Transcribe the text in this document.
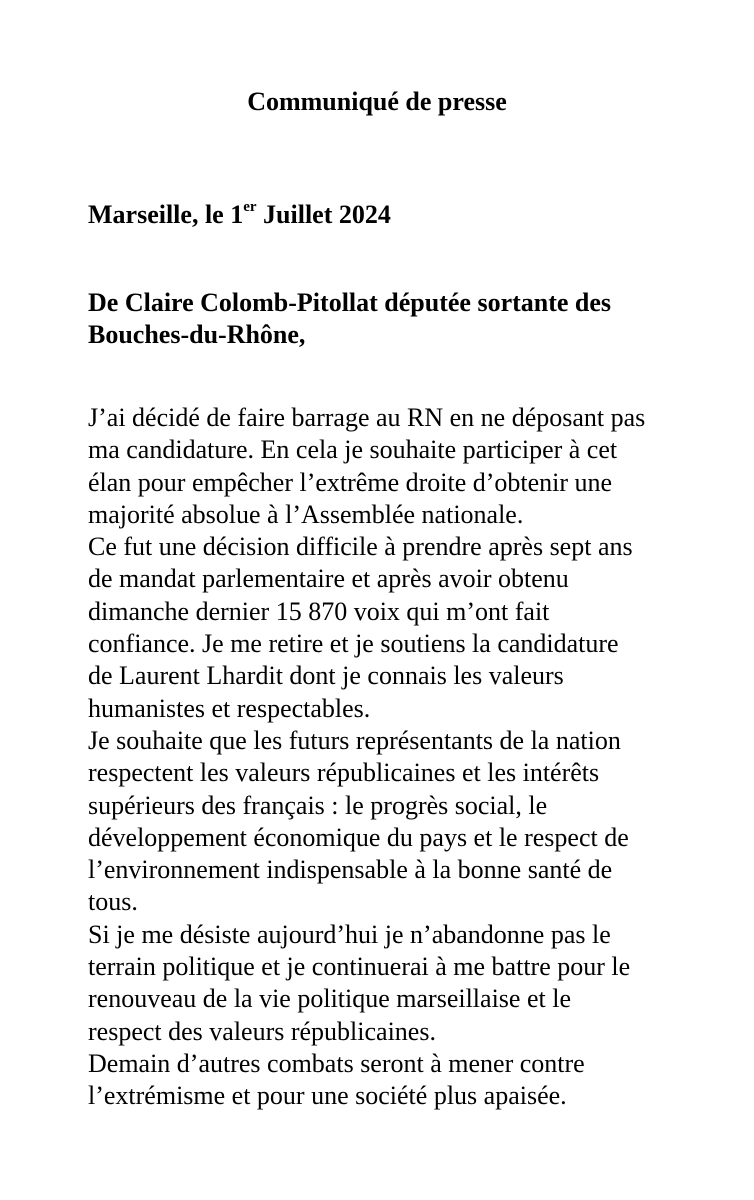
Communiqué de presse
Marseille, le 1er Juillet 2024
De Claire Colomb-Pitollat députée sortante des
Bouches-du-Rhône,
J’ai décidé de faire barrage au RN en ne déposant pas
ma candidature. En cela je souhaite participer à cet
élan pour empêcher l’extrême droite d’obtenir une
majorité absolue à l’Assemblée nationale.
Ce fut une décision difficile à prendre après sept ans
de mandat parlementaire et après avoir obtenu
dimanche dernier 15 870 voix qui m’ont fait
confiance. Je me retire et je soutiens la candidature
de Laurent Lhardit dont je connais les valeurs
humanistes et respectables.
Je souhaite que les futurs représentants de la nation
respectent les valeurs républicaines et les intérêts
supérieurs des français : le progrès social, le
développement économique du pays et le respect de
l’environnement indispensable à la bonne santé de
tous.
Si je me désiste aujourd’hui je n’abandonne pas le
terrain politique et je continuerai à me battre pour le
renouveau de la vie politique marseillaise et le
respect des valeurs républicaines.
Demain d’autres combats seront à mener contre
l’extrémisme et pour une société plus apaisée.
